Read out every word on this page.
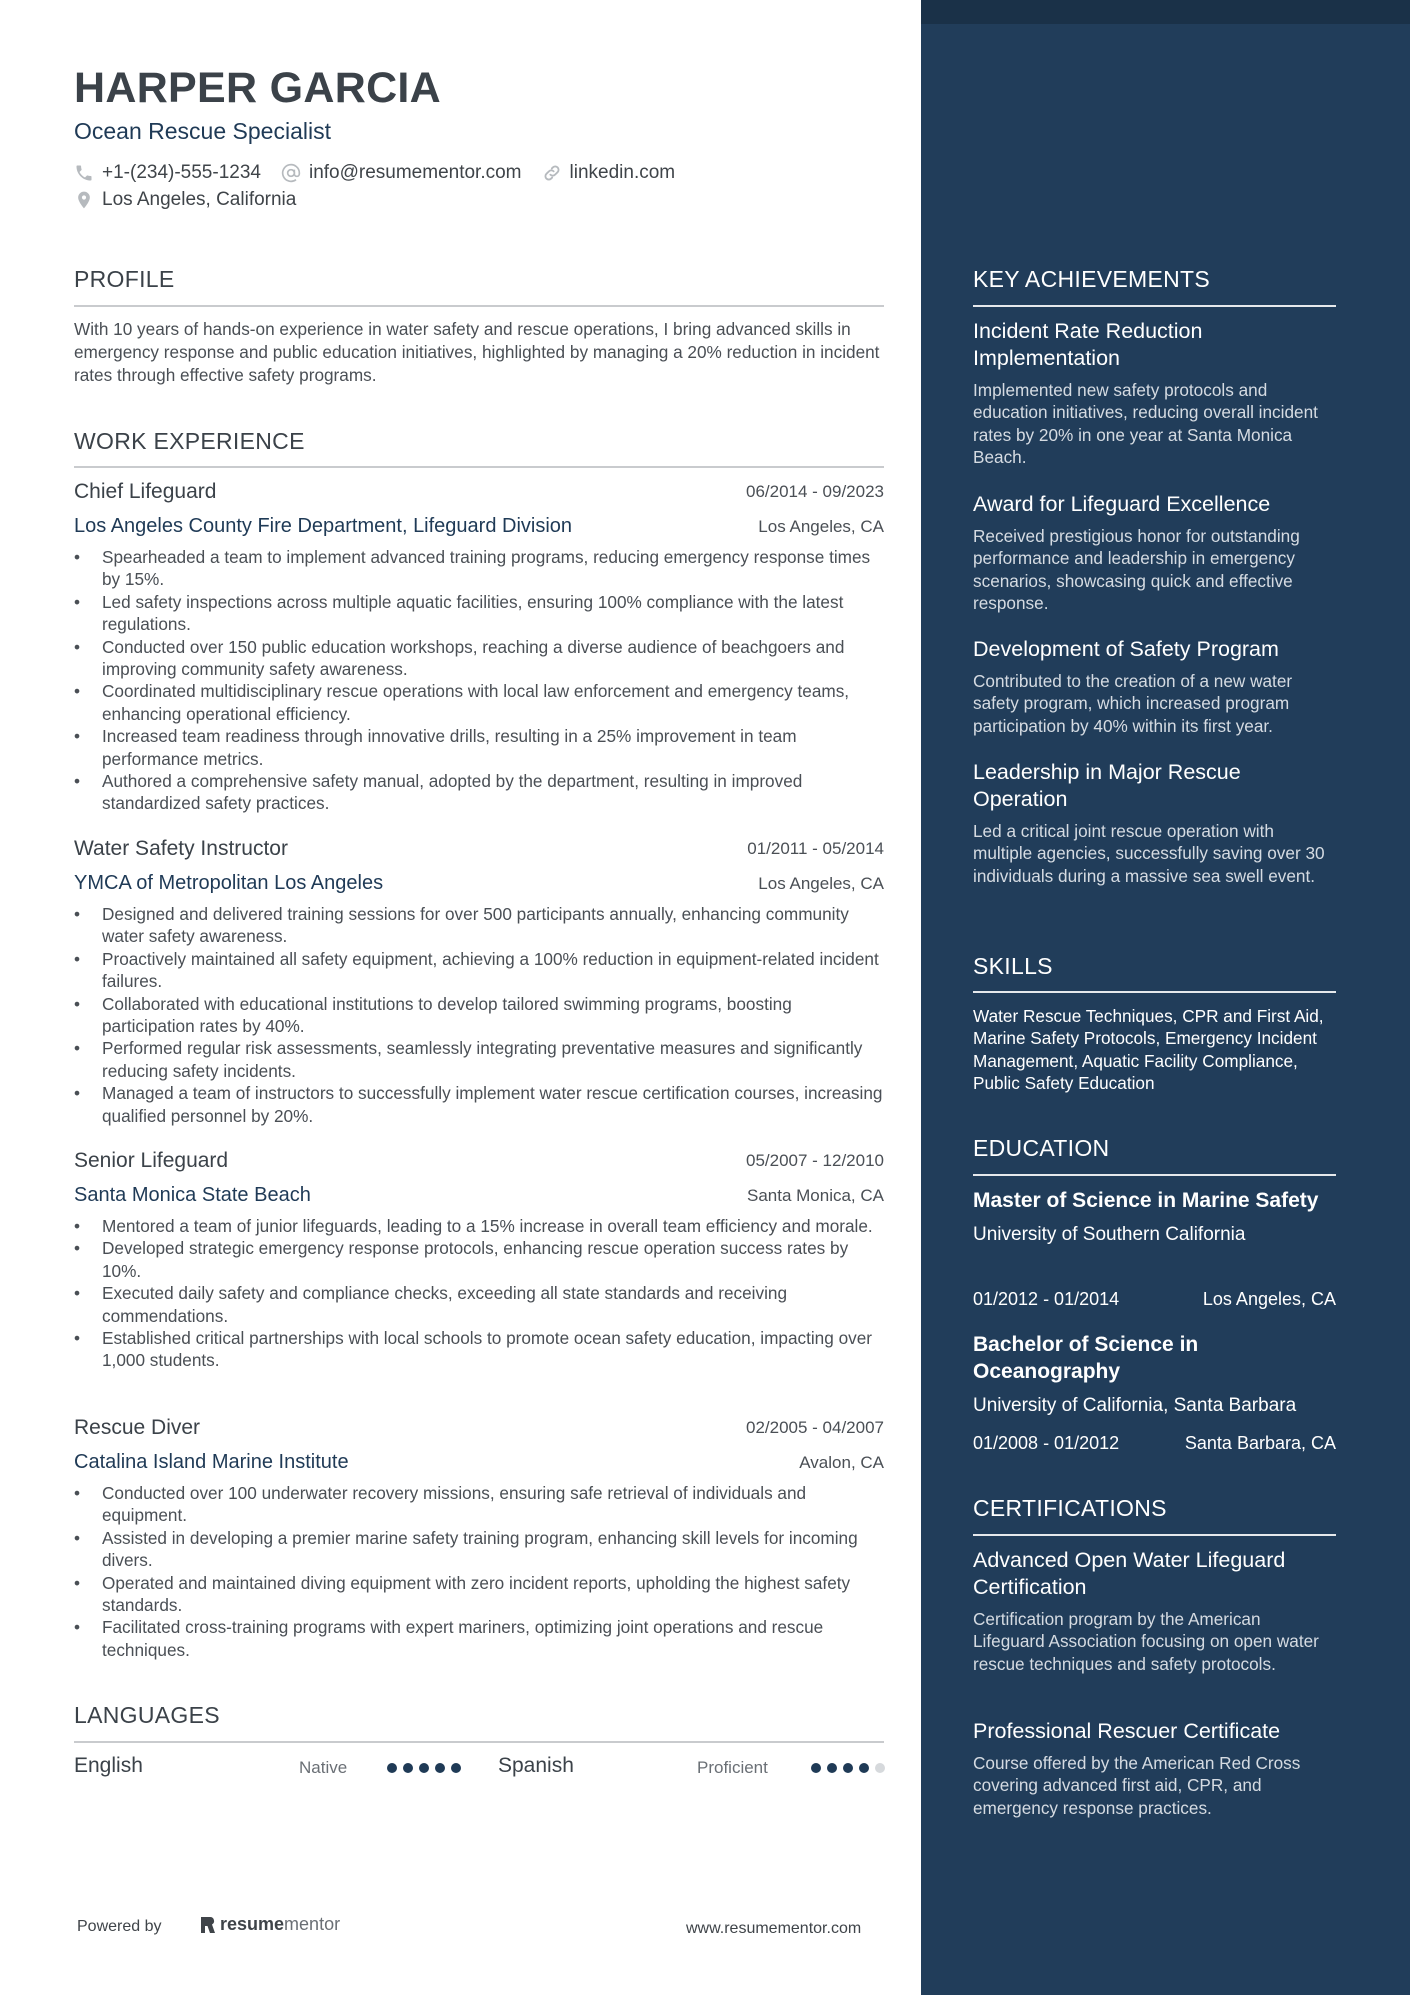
HARPER GARCIA
Ocean Rescue Specialist
+1-(234)-555-1234	info@resumementor.com	linkedin.com
Los Angeles, California
PROFILE
With 10 years of hands-on experience in water safety and rescue operations, I bring advanced skills in emergency response and public education initiatives, highlighted by managing a 20% reduction in incident rates through effective safety programs.
WORK EXPERIENCE
Chief Lifeguard	06/2014 - 09/2023
Los Angeles County Fire Department, Lifeguard Division	Los Angeles, CA
• Spearheaded a team to implement advanced training programs, reducing emergency response times by 15%.
• Led safety inspections across multiple aquatic facilities, ensuring 100% compliance with the latest regulations.
• Conducted over 150 public education workshops, reaching a diverse audience of beachgoers and improving community safety awareness.
• Coordinated multidisciplinary rescue operations with local law enforcement and emergency teams, enhancing operational efficiency.
• Increased team readiness through innovative drills, resulting in a 25% improvement in team performance metrics.
• Authored a comprehensive safety manual, adopted by the department, resulting in improved standardized safety practices.
Water Safety Instructor	01/2011 - 05/2014
YMCA of Metropolitan Los Angeles	Los Angeles, CA
• Designed and delivered training sessions for over 500 participants annually, enhancing community water safety awareness.
• Proactively maintained all safety equipment, achieving a 100% reduction in equipment-related incident failures.
• Collaborated with educational institutions to develop tailored swimming programs, boosting participation rates by 40%.
• Performed regular risk assessments, seamlessly integrating preventative measures and significantly reducing safety incidents.
• Managed a team of instructors to successfully implement water rescue certification courses, increasing qualified personnel by 20%.
Senior Lifeguard	05/2007 - 12/2010
Santa Monica State Beach	Santa Monica, CA
• Mentored a team of junior lifeguards, leading to a 15% increase in overall team efficiency and morale.
• Developed strategic emergency response protocols, enhancing rescue operation success rates by 10%.
• Executed daily safety and compliance checks, exceeding all state standards and receiving commendations.
• Established critical partnerships with local schools to promote ocean safety education, impacting over 1,000 students.
Rescue Diver	02/2005 - 04/2007
Catalina Island Marine Institute	Avalon, CA
• Conducted over 100 underwater recovery missions, ensuring safe retrieval of individuals and equipment.
• Assisted in developing a premier marine safety training program, enhancing skill levels for incoming divers.
• Operated and maintained diving equipment with zero incident reports, upholding the highest safety standards.
• Facilitated cross-training programs with expert mariners, optimizing joint operations and rescue techniques.
LANGUAGES
English	Native	Spanish	Proficient
Powered by	resume mentor	www.resumementor.com
KEY ACHIEVEMENTS
Incident Rate Reduction Implementation
Implemented new safety protocols and education initiatives, reducing overall incident rates by 20% in one year at Santa Monica Beach.
Award for Lifeguard Excellence
Received prestigious honor for outstanding performance and leadership in emergency scenarios, showcasing quick and effective response.
Development of Safety Program
Contributed to the creation of a new water safety program, which increased program participation by 40% within its first year.
Leadership in Major Rescue Operation
Led a critical joint rescue operation with multiple agencies, successfully saving over 30 individuals during a massive sea swell event.
SKILLS
Water Rescue Techniques, CPR and First Aid, Marine Safety Protocols, Emergency Incident Management, Aquatic Facility Compliance, Public Safety Education
EDUCATION
Master of Science in Marine Safety
University of Southern California
01/2012 - 01/2014	Los Angeles, CA
Bachelor of Science in Oceanography
University of California, Santa Barbara
01/2008 - 01/2012	Santa Barbara, CA
CERTIFICATIONS
Advanced Open Water Lifeguard Certification
Certification program by the American Lifeguard Association focusing on open water rescue techniques and safety protocols.
Professional Rescuer Certificate
Course offered by the American Red Cross covering advanced first aid, CPR, and emergency response practices.
